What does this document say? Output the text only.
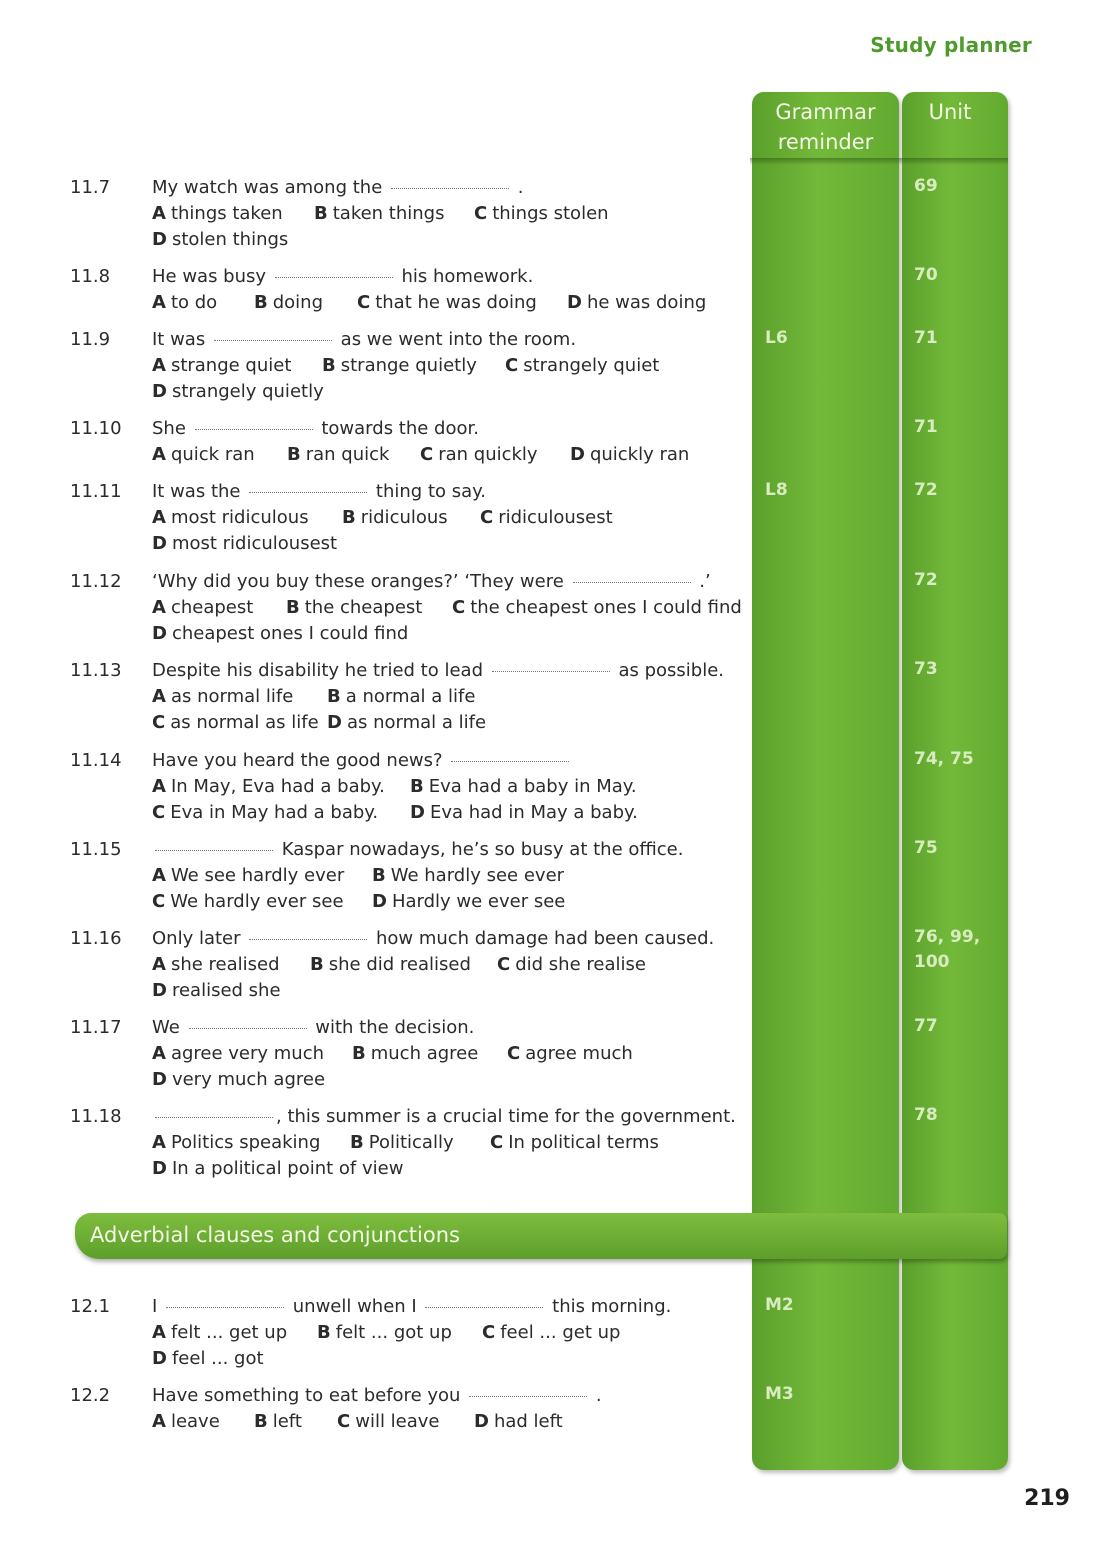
Study planner
Grammar reminder
Unit
Adverbial clauses and conjunctions
11.7 My watch was among the	.
A things taken B taken things C things stolen
D stolen things
11.8 He was busy	his homework.
A to do B doing C that he was doing D he was doing
11.9 It was	as we went into the room.
A strange quiet B strange quietly C strangely quiet
D strangely quietly
11.10 She	towards the door.
A quick ran B ran quick C ran quickly D quickly ran
11.11 It was the	thing to say.
A most ridiculous B ridiculous C ridiculousest
D most ridiculousest
11.12 ‘Why did you buy these oranges?’ ‘They were	.’
A cheapest B the cheapest C the cheapest ones I could find
D cheapest ones I could find
11.13 Despite his disability he tried to lead	as possible.
A as normal life B a normal a life
C as normal as life D as normal a life
11.14 Have you heard the good news?
A In May, Eva had a baby. B Eva had a baby in May.
C Eva in May had a baby. D Eva had in May a baby.
11.15	Kaspar nowadays, he’s so busy at the office.
A We see hardly ever B We hardly see ever
C We hardly ever see D Hardly we ever see
11.16 Only later	how much damage had been caused.
A she realised B she did realised C did she realise
D realised she
11.17 We	with the decision.
A agree very much B much agree C agree much
D very much agree
11.18	, this summer is a crucial time for the government.
A Politics speaking B Politically C In political terms
D In a political point of view
12.1 I	unwell when I	this morning.
A felt ... get up B felt ... got up C feel ... get up
D feel ... got
12.2 Have something to eat before you	.
A leave B left C will leave D had left
219
69
70
L6	71
71
L8	72
72
73
74, 75
75
76, 99, 100
77
78
M2
M3
